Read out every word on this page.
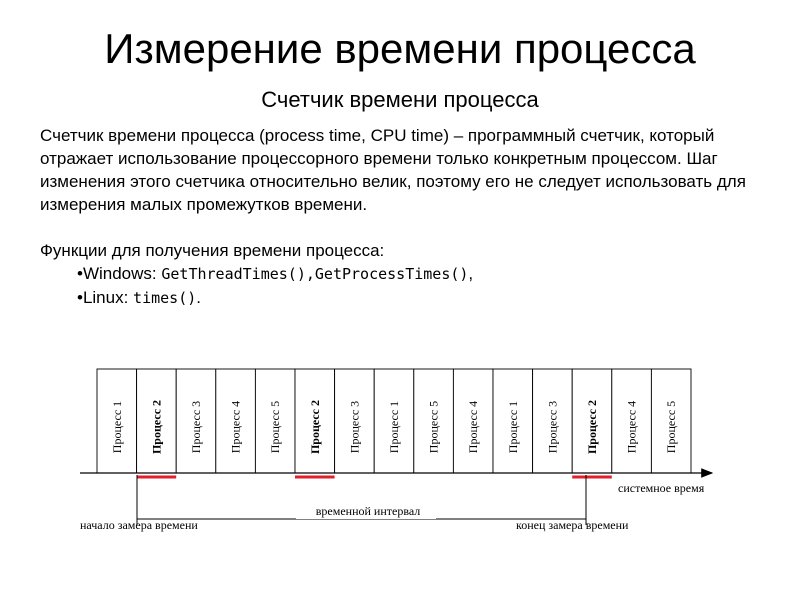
Измерение времени процесса
Счетчик времени процесса

Счетчик времени процесса (process time, CPU time) – программный счетчик, который отражает использование процессорного времени только конкретным процессом. Шаг изменения этого счетчика относительно велик, поэтому его не следует использовать для измерения малых промежутков времени.

Функции для получения времени процесса:

•Windows: GetThreadTimes(),GetProcessTimes(),

•Linux: times().

Процесс 1 Процесс 2 Процесс 3 Процесс 4 Процесс 5 Процесс 2 Процесс 3 Процесс 1 Процесс 5 Процесс 4 Процесс 1 Процесс 3 Процесс 2 Процесс 4 Процесс 5
системное время
временной интервал
начало замера времени	конец замера времени
